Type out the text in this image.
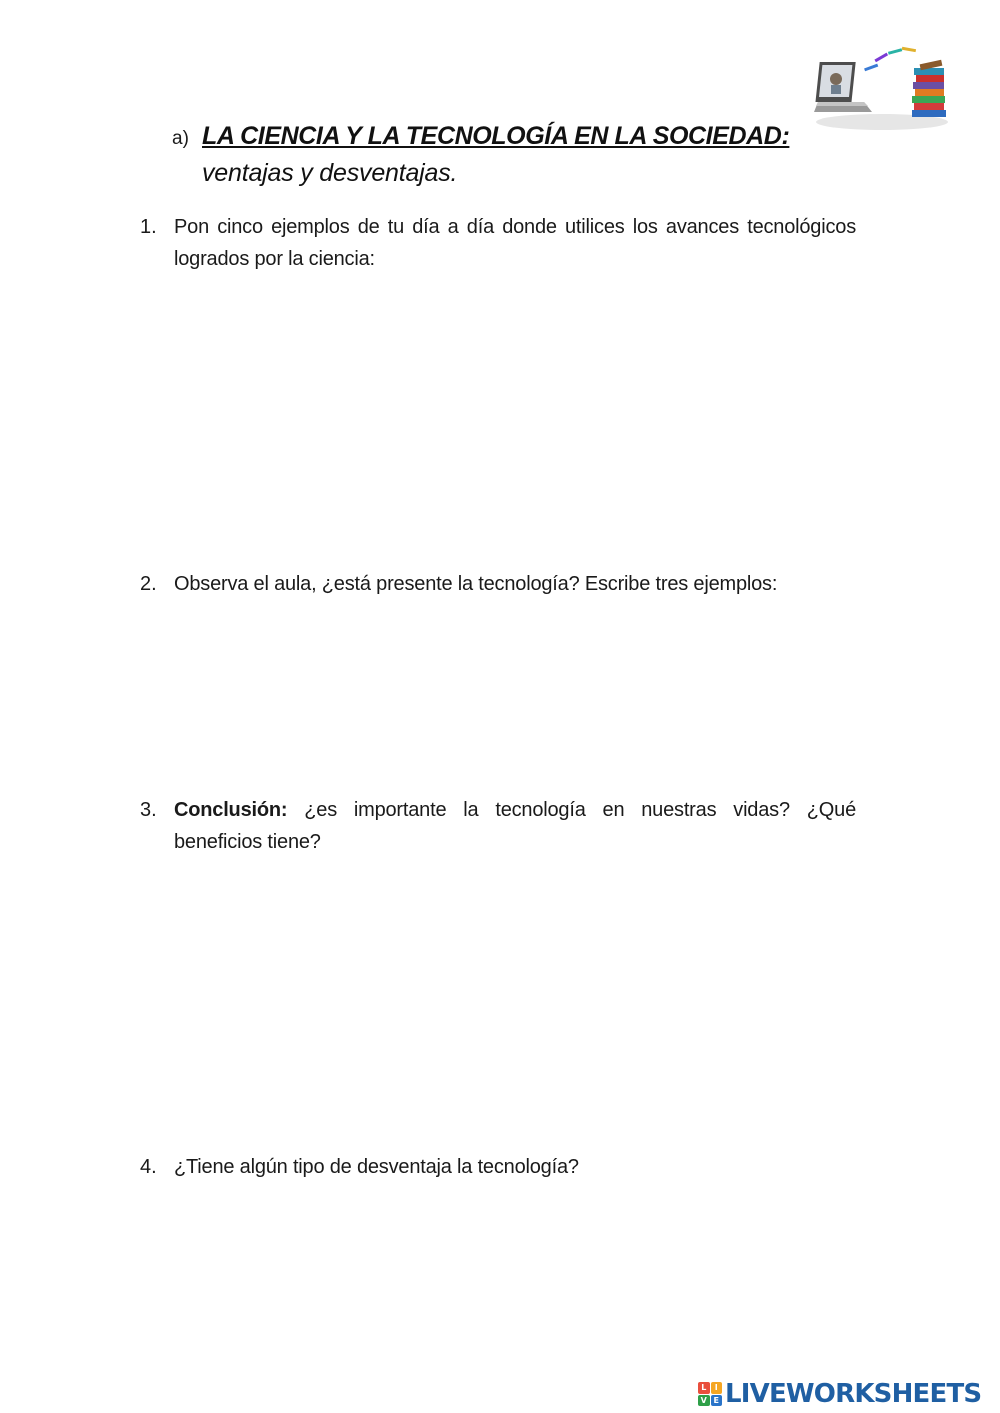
a) LA CIENCIA Y LA TECNOLOGÍA EN LA SOCIEDAD:
ventajas y desventajas.
1. Pon cinco ejemplos de tu día a día donde utilices los avances tecnológicos logrados por la ciencia:
2. Observa el aula, ¿está presente la tecnología? Escribe tres ejemplos:
3. Conclusión: ¿es importante la tecnología en nuestras vidas? ¿Qué beneficios tiene?
4. ¿Tiene algún tipo de desventaja la tecnología?
L	I
V E LIVEWORKSHEETS
